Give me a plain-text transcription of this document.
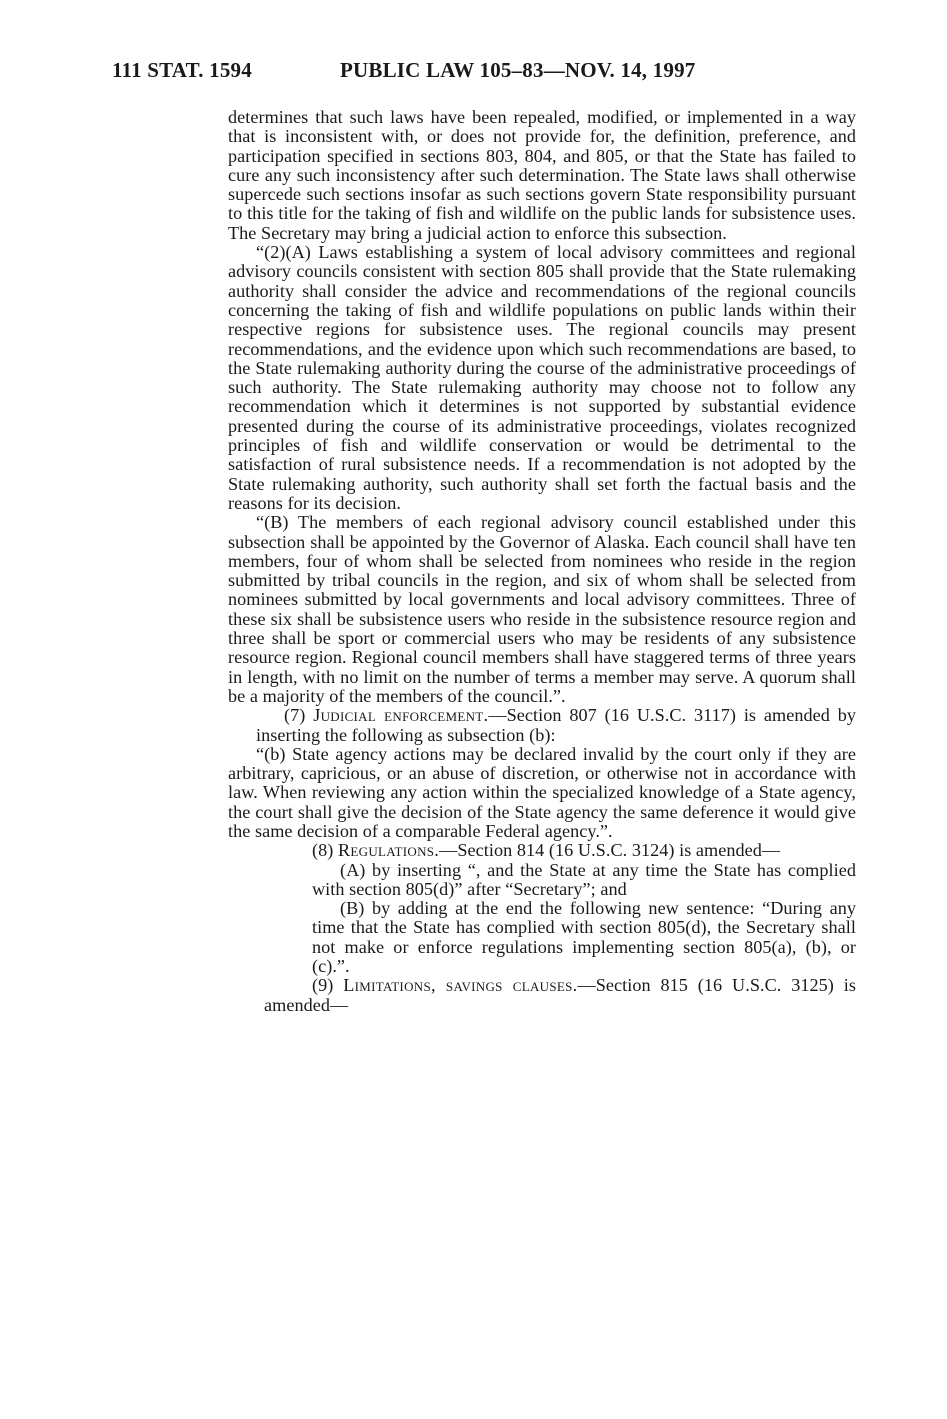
111 STAT. 1594	PUBLIC LAW 105–83—NOV. 14, 1997

determines that such laws have been repealed, modified, or implemented in a way that is inconsistent with, or does not provide for, the definition, preference, and participation specified in sections 803, 804, and 805, or that the State has failed to cure any such inconsistency after such determination. The State laws shall otherwise supercede such sections insofar as such sections govern State responsibility pursuant to this title for the taking of fish and wildlife on the public lands for subsistence uses. The Secretary may bring a judicial action to enforce this subsection.

“(2)(A) Laws establishing a system of local advisory committees and regional advisory councils consistent with section 805 shall provide that the State rulemaking authority shall consider the advice and recommendations of the regional councils concerning the taking of fish and wildlife populations on public lands within their respective regions for subsistence uses. The regional councils may present recommendations, and the evidence upon which such recommendations are based, to the State rulemaking authority during the course of the administrative proceedings of such authority. The State rulemaking authority may choose not to follow any recommendation which it determines is not supported by substantial evidence presented during the course of its administrative proceedings, violates recognized principles of fish and wildlife conservation or would be detrimental to the satisfaction of rural subsistence needs. If a recommendation is not adopted by the State rulemaking authority, such authority shall set forth the factual basis and the reasons for its decision.

“(B) The members of each regional advisory council established under this subsection shall be appointed by the Governor of Alaska. Each council shall have ten members, four of whom shall be selected from nominees who reside in the region submitted by tribal councils in the region, and six of whom shall be selected from nominees submitted by local governments and local advisory committees. Three of these six shall be subsistence users who reside in the subsistence resource region and three shall be sport or commercial users who may be residents of any subsistence resource region. Regional council members shall have staggered terms of three years in length, with no limit on the number of terms a member may serve. A quorum shall be a majority of the members of the council.”.

(7) Judicial enforcement.—Section 807 (16 U.S.C. 3117) is amended by inserting the following as subsection (b):

“(b) State agency actions may be declared invalid by the court only if they are arbitrary, capricious, or an abuse of discretion, or otherwise not in accordance with law. When reviewing any action within the specialized knowledge of a State agency, the court shall give the decision of the State agency the same deference it would give the same decision of a comparable Federal agency.”.

(8) Regulations.—Section 814 (16 U.S.C. 3124) is amended—

(A) by inserting “, and the State at any time the State has complied with section 805(d)” after “Secretary”; and

(B) by adding at the end the following new sentence: “During any time that the State has complied with section 805(d), the Secretary shall not make or enforce regulations implementing section 805(a), (b), or (c).”.

(9) Limitations, savings clauses.—Section 815 (16 U.S.C. 3125) is amended—
